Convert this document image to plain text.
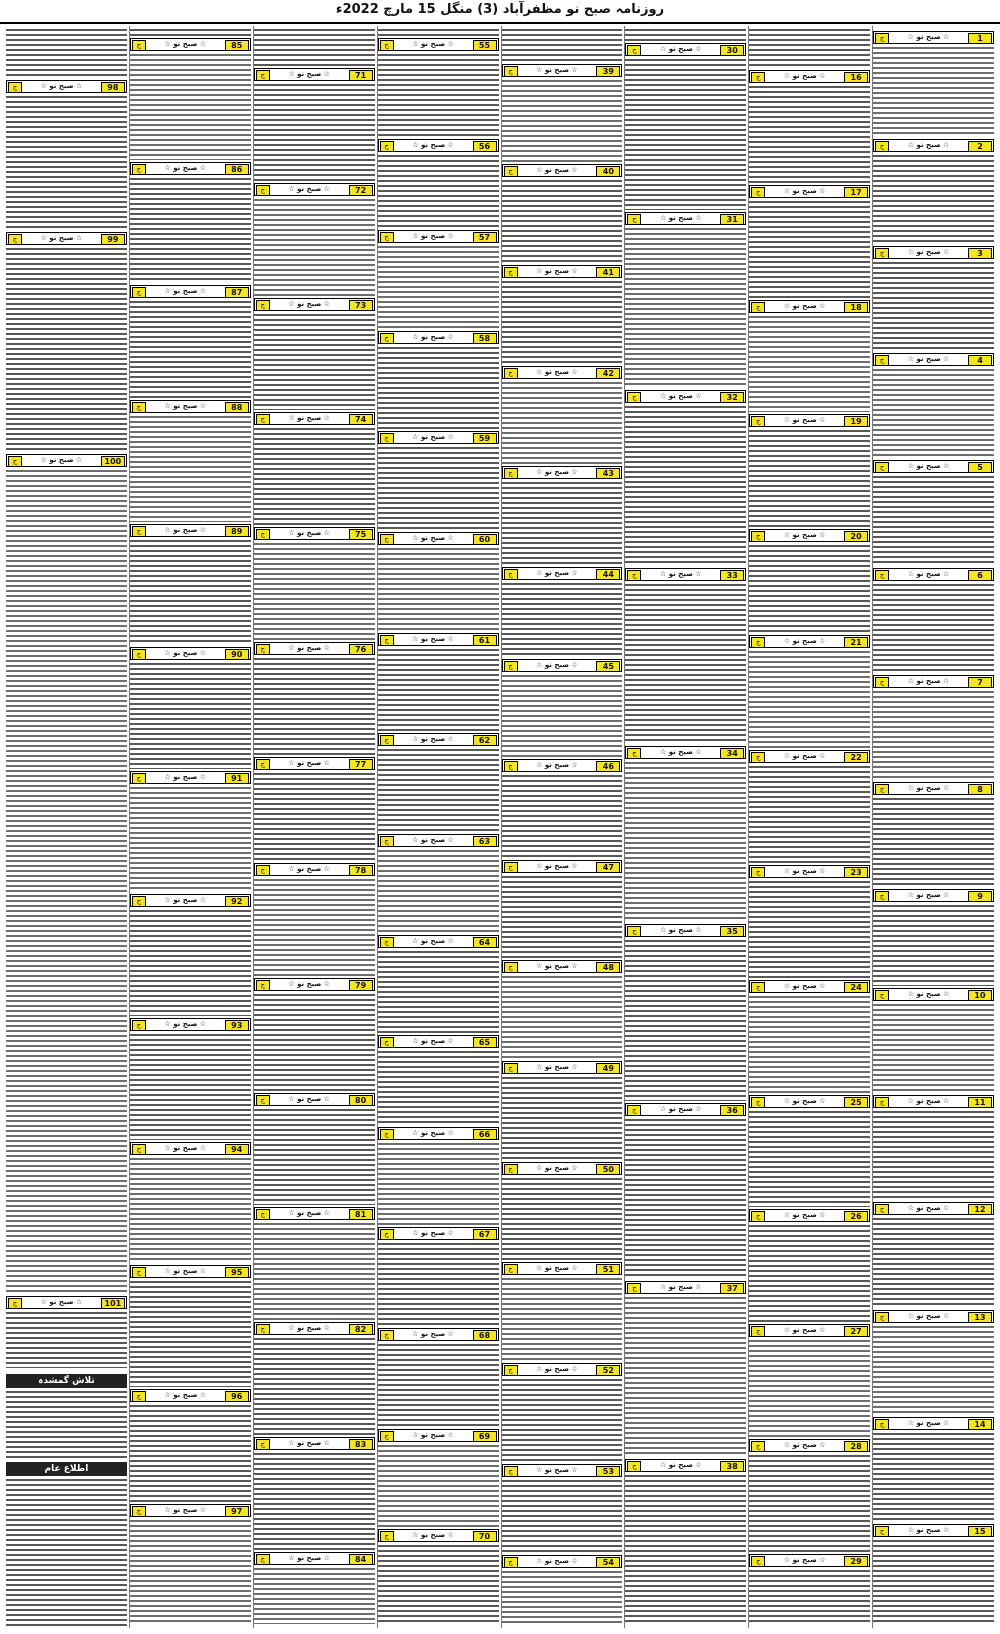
روزنامہ صبح نو مظفرآباد (3) منگل 15 مارچ 2022ء
1
☆ صبح نو ☆
ج
2
☆ صبح نو ☆
ج
3
☆ صبح نو ☆
ج
4
☆ صبح نو ☆
ج
5
☆ صبح نو ☆
ج
6
☆ صبح نو ☆
ج
7
☆ صبح نو ☆
ج
8
☆ صبح نو ☆
ج
9
☆ صبح نو ☆
ج
10
☆ صبح نو ☆
ج
11
☆ صبح نو ☆
ج
12
☆ صبح نو ☆
ج
13
☆ صبح نو ☆
ج
14
☆ صبح نو ☆
ج
15
☆ صبح نو ☆
ج
16
☆ صبح نو ☆
ج
17
☆ صبح نو ☆
ج
18
☆ صبح نو ☆
ج
19
☆ صبح نو ☆
ج
20
☆ صبح نو ☆
ج
21
☆ صبح نو ☆
ج
22
☆ صبح نو ☆
ج
23
☆ صبح نو ☆
ج
24
☆ صبح نو ☆
ج
25
☆ صبح نو ☆
ج
26
☆ صبح نو ☆
ج
27
☆ صبح نو ☆
ج
28
☆ صبح نو ☆
ج
29
☆ صبح نو ☆
ج
30
☆ صبح نو ☆
ج
31
☆ صبح نو ☆
ج
32
☆ صبح نو ☆
ج
33
☆ صبح نو ☆
ج
34
☆ صبح نو ☆
ج
35
☆ صبح نو ☆
ج
36
☆ صبح نو ☆
ج
37
☆ صبح نو ☆
ج
38
☆ صبح نو ☆
ج
39
☆ صبح نو ☆
ج
40
☆ صبح نو ☆
ج
41
☆ صبح نو ☆
ج
42
☆ صبح نو ☆
ج
43
☆ صبح نو ☆
ج
44
☆ صبح نو ☆
ج
45
☆ صبح نو ☆
ج
46
☆ صبح نو ☆
ج
47
☆ صبح نو ☆
ج
48
☆ صبح نو ☆
ج
49
☆ صبح نو ☆
ج
50
☆ صبح نو ☆
ج
51
☆ صبح نو ☆
ج
52
☆ صبح نو ☆
ج
53
☆ صبح نو ☆
ج
54
☆ صبح نو ☆
ج
55
☆ صبح نو ☆
ج
56
☆ صبح نو ☆
ج
57
☆ صبح نو ☆
ج
58
☆ صبح نو ☆
ج
59
☆ صبح نو ☆
ج
60
☆ صبح نو ☆
ج
61
☆ صبح نو ☆
ج
62
☆ صبح نو ☆
ج
63
☆ صبح نو ☆
ج
64
☆ صبح نو ☆
ج
65
☆ صبح نو ☆
ج
66
☆ صبح نو ☆
ج
67
☆ صبح نو ☆
ج
68
☆ صبح نو ☆
ج
69
☆ صبح نو ☆
ج
70
☆ صبح نو ☆
ج
71
☆ صبح نو ☆
ج
72
☆ صبح نو ☆
ج
73
☆ صبح نو ☆
ج
74
☆ صبح نو ☆
ج
75
☆ صبح نو ☆
ج
76
☆ صبح نو ☆
ج
77
☆ صبح نو ☆
ج
78
☆ صبح نو ☆
ج
79
☆ صبح نو ☆
ج
80
☆ صبح نو ☆
ج
81
☆ صبح نو ☆
ج
82
☆ صبح نو ☆
ج
83
☆ صبح نو ☆
ج
84
☆ صبح نو ☆
ج
85
☆ صبح نو ☆
ج
86
☆ صبح نو ☆
ج
87
☆ صبح نو ☆
ج
88
☆ صبح نو ☆
ج
89
☆ صبح نو ☆
ج
90
☆ صبح نو ☆
ج
91
☆ صبح نو ☆
ج
92
☆ صبح نو ☆
ج
93
☆ صبح نو ☆
ج
94
☆ صبح نو ☆
ج
95
☆ صبح نو ☆
ج
96
☆ صبح نو ☆
ج
97
☆ صبح نو ☆
ج
98
☆ صبح نو ☆
ج
99
☆ صبح نو ☆
ج
100
☆ صبح نو ☆
ج
101
☆ صبح نو ☆
ج
تلاش گمشدہ
اطلاع عام
